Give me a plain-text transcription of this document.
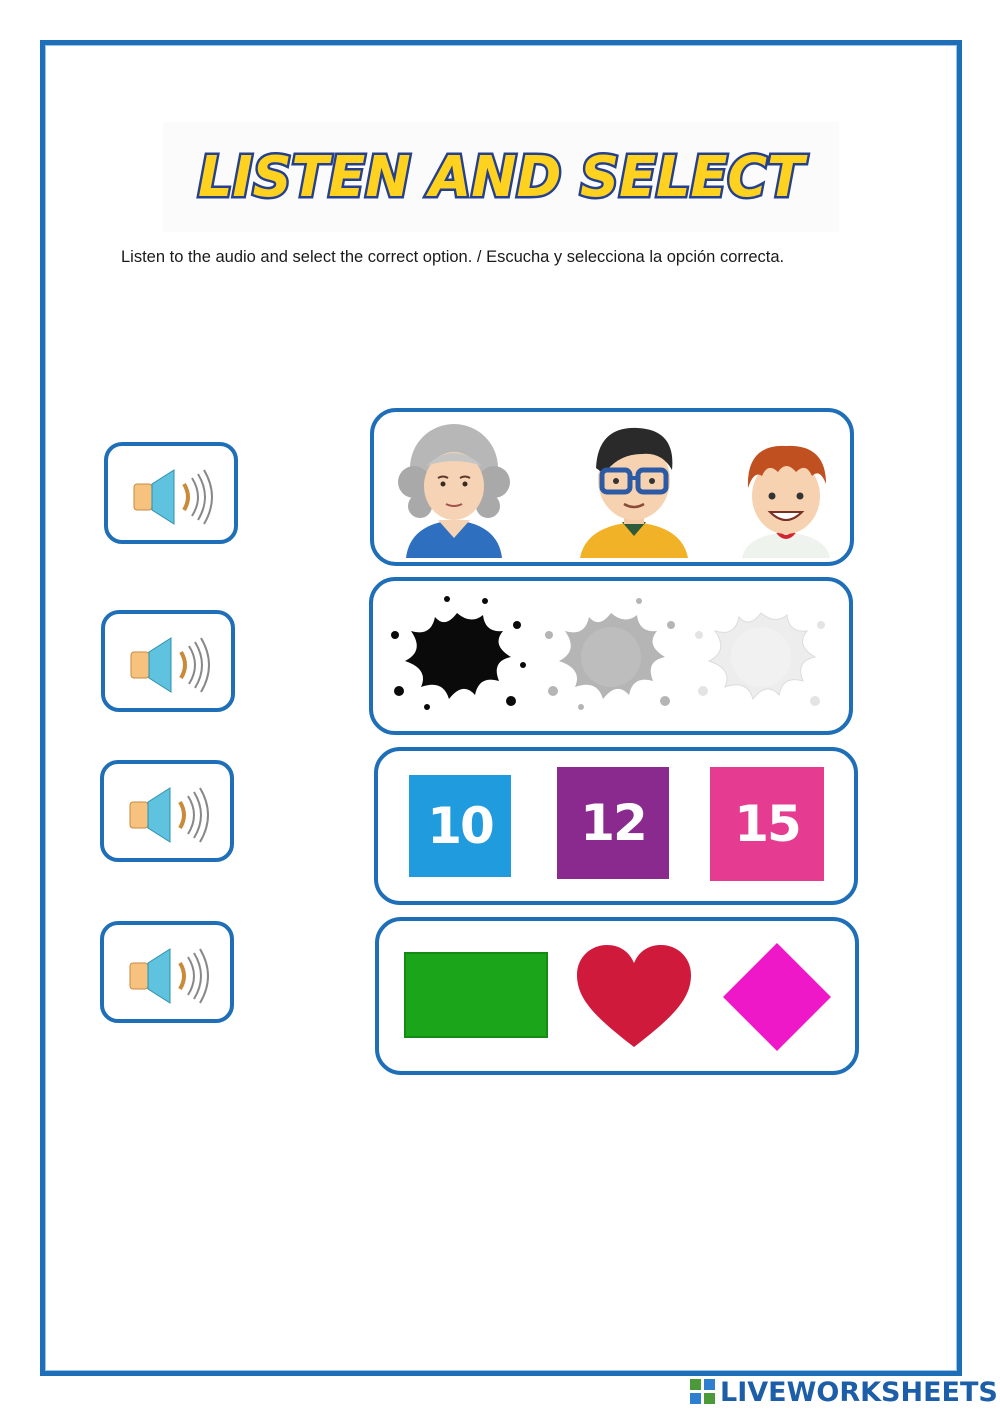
LISTEN AND SELECT
Listen to the audio and select the correct option. / Escucha y selecciona la opción correcta.
10	12	15
LIVEWORKSHEETS
